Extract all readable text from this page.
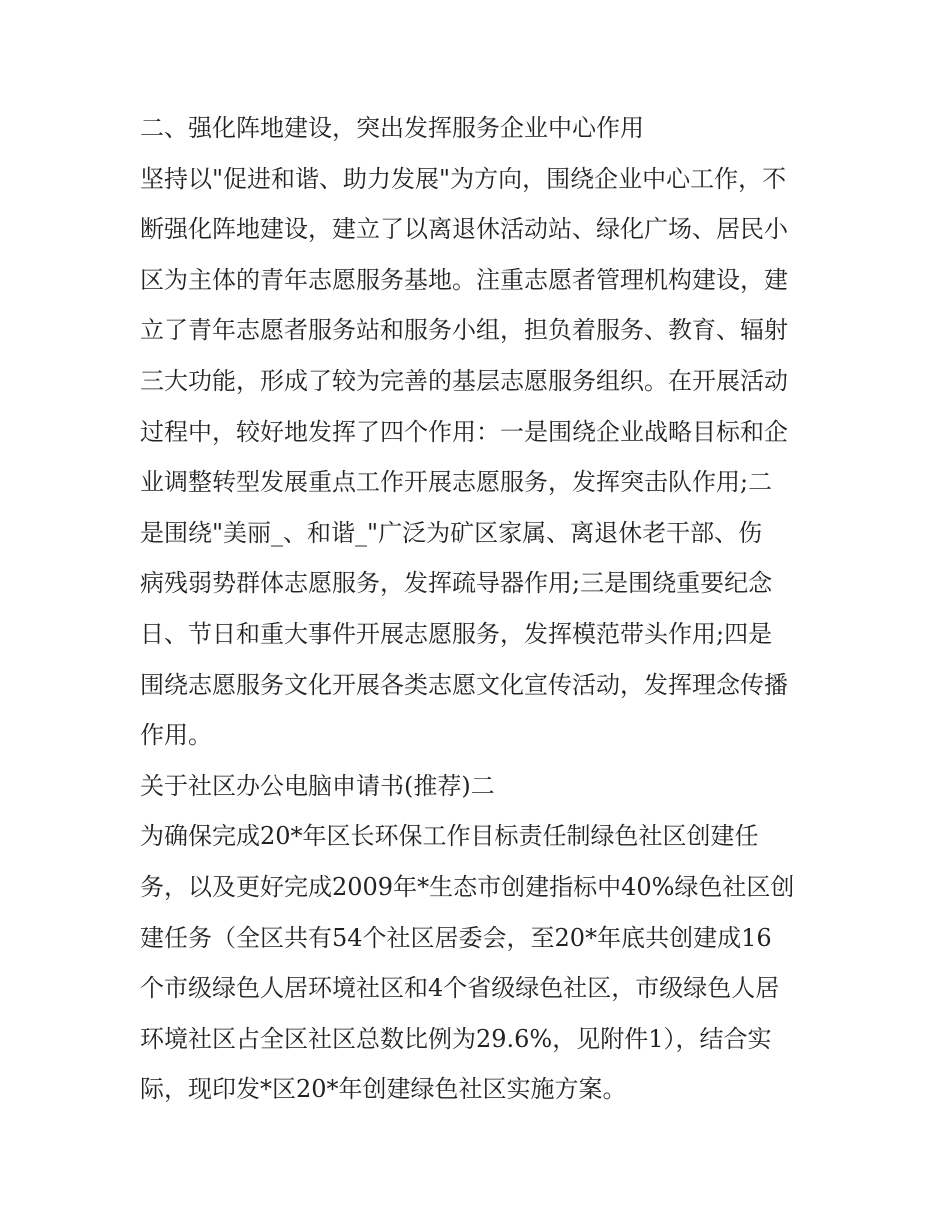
二、强化阵地建设，突出发挥服务企业中心作用
坚持以"促进和谐、助力发展"为方向，围绕企业中心工作，不
断强化阵地建设，建立了以离退休活动站、绿化广场、居民小
区为主体的青年志愿服务基地。注重志愿者管理机构建设，建
立了青年志愿者服务站和服务小组，担负着服务、教育、辐射
三大功能，形成了较为完善的基层志愿服务组织。在开展活动
过程中，较好地发挥了四个作用：一是围绕企业战略目标和企
业调整转型发展重点工作开展志愿服务，发挥突击队作用;二
是围绕"美丽_、和谐_"广泛为矿区家属、离退休老干部、伤
病残弱势群体志愿服务，发挥疏导器作用;三是围绕重要纪念
日、节日和重大事件开展志愿服务，发挥模范带头作用;四是
围绕志愿服务文化开展各类志愿文化宣传活动，发挥理念传播
作用。
关于社区办公电脑申请书(推荐)二
为确保完成20*年区长环保工作目标责任制绿色社区创建任
务，以及更好完成2009年*生态市创建指标中40%绿色社区创
建任务（全区共有54个社区居委会，至20*年底共创建成16
个市级绿色人居环境社区和4个省级绿色社区，市级绿色人居
环境社区占全区社区总数比例为29.6%，见附件1），结合实
际，现印发*区20*年创建绿色社区实施方案。
